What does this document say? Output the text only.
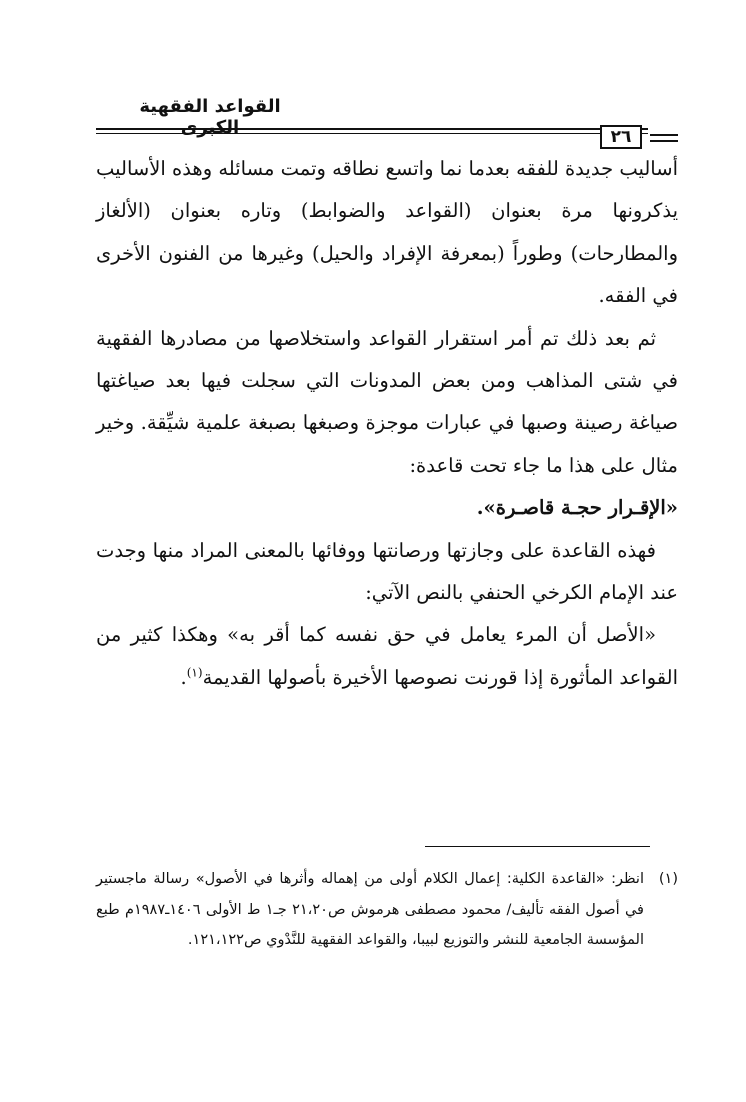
القواعد الفقهية الكبرى	٢٦

أساليب جديدة للفقه بعدما نما واتسع نطاقه وتمت مسائله وهذه الأساليب يذكرونها مرة بعنوان (القواعد والضوابط) وتاره بعنوان (الألغاز والمطارحات) وطوراً (بمعرفة الإفراد والحيل) وغيرها من الفنون الأخرى في الفقه.

ثم بعد ذلك تم أمر استقرار القواعد واستخلاصها من مصادرها الفقهية في شتى المذاهب ومن بعض المدونات التي سجلت فيها بعد صياغتها صياغة رصينة وصبها في عبارات موجزة وصبغها بصبغة علمية شيِّقة. وخير مثال على هذا ما جاء تحت قاعدة:

«الإقـرار حجـة قاصـرة».

فهذه القاعدة على وجازتها ورصانتها ووفائها بالمعنى المراد منها وجدت عند الإمام الكرخي الحنفي بالنص الآتي:

«الأصل أن المرء يعامل في حق نفسه كما أقر به» وهكذا كثير من القواعد المأثورة إذا قورنت نصوصها الأخيرة بأصولها القديمة$^{(١)}$.

(١)
انظر: «القاعدة الكلية: إعمال الكلام أولى من إهماله وأثرها في الأصول» رسالة ماجستير في أصول الفقه تأليف/ محمود مصطفى هرموش ص٢١،٢٠ جـ١ ط الأولى ١٤٠٦ـ١٩٨٧م طبع المؤسسة الجامعية للنشر والتوزيع لبيبا، والقواعد الفقهية للنَّدْوي ص١٢١،١٢٢.
